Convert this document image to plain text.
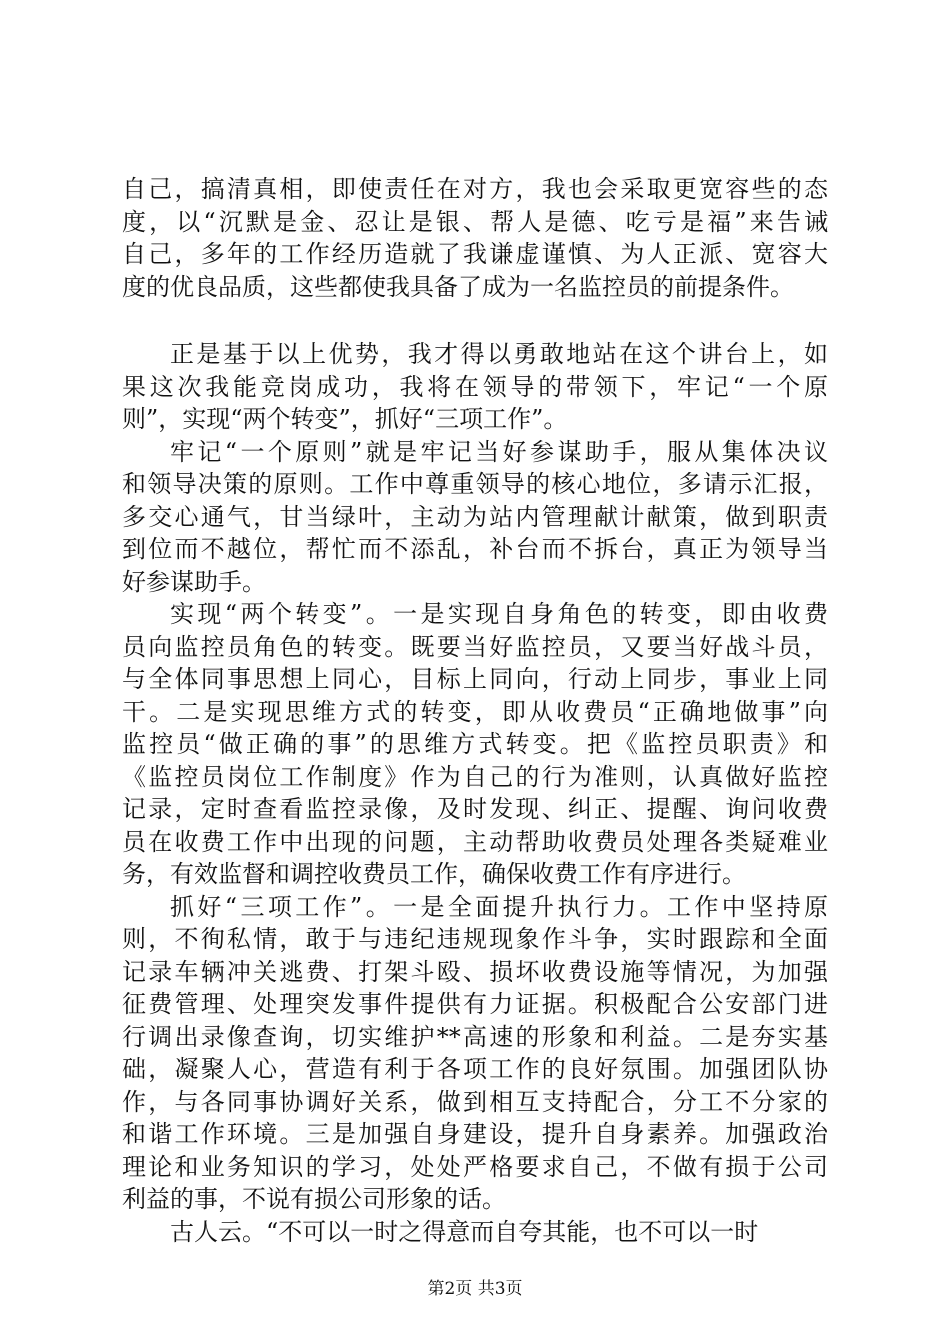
自己，搞清真相，即使责任在对方，我也会采取更宽容些的态
度，以“沉默是金、忍让是银、帮人是德、吃亏是福”来告诫
自己，多年的工作经历造就了我谦虚谨慎、为人正派、宽容大
度的优良品质，这些都使我具备了成为一名监控员的前提条件。
正是基于以上优势，我才得以勇敢地站在这个讲台上，如
果这次我能竞岗成功，我将在领导的带领下，牢记“一个原
则”，实现“两个转变”，抓好“三项工作”。
牢记“一个原则”就是牢记当好参谋助手，服从集体决议
和领导决策的原则。工作中尊重领导的核心地位，多请示汇报，
多交心通气，甘当绿叶，主动为站内管理献计献策，做到职责
到位而不越位，帮忙而不添乱，补台而不拆台，真正为领导当
好参谋助手。
实现“两个转变”。一是实现自身角色的转变，即由收费
员向监控员角色的转变。既要当好监控员，又要当好战斗员，
与全体同事思想上同心，目标上同向，行动上同步，事业上同
干。二是实现思维方式的转变，即从收费员“正确地做事”向
监控员“做正确的事”的思维方式转变。把《监控员职责》和
《监控员岗位工作制度》作为自己的行为准则，认真做好监控
记录，定时查看监控录像，及时发现、纠正、提醒、询问收费
员在收费工作中出现的问题，主动帮助收费员处理各类疑难业
务，有效监督和调控收费员工作，确保收费工作有序进行。
抓好“三项工作”。一是全面提升执行力。工作中坚持原
则，不徇私情，敢于与违纪违规现象作斗争，实时跟踪和全面
记录车辆冲关逃费、打架斗殴、损坏收费设施等情况，为加强
征费管理、处理突发事件提供有力证据。积极配合公安部门进
行调出录像查询，切实维护**高速的形象和利益。二是夯实基
础，凝聚人心，营造有利于各项工作的良好氛围。加强团队协
作，与各同事协调好关系，做到相互支持配合，分工不分家的
和谐工作环境。三是加强自身建设，提升自身素养。加强政治
理论和业务知识的学习，处处严格要求自己，不做有损于公司
利益的事，不说有损公司形象的话。
古人云。“不可以一时之得意而自夸其能，也不可以一时
第2页 共3页
